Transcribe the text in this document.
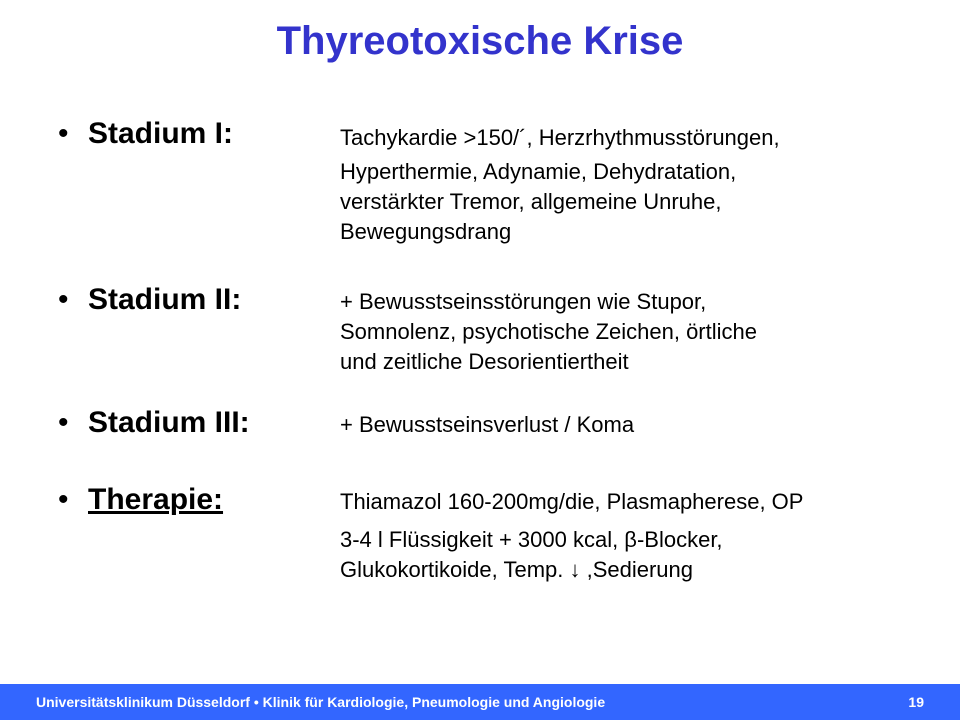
Thyreotoxische Krise
• Stadium I:	Tachykardie >150/´, Herzrhythmusstörungen,
Hyperthermie, Adynamie, Dehydratation,
verstärkter Tremor, allgemeine Unruhe,
Bewegungsdrang
• Stadium II:	+ Bewusstseinsstörungen wie Stupor,
Somnolenz, psychotische Zeichen, örtliche
und zeitliche Desorientiertheit
• Stadium III:	+ Bewusstseinsverlust / Koma
• Therapie:	Thiamazol 160-200mg/die, Plasmapherese, OP
3-4 l Flüssigkeit + 3000 kcal, β-Blocker,
Glukokortikoide, Temp. ↓ ,Sedierung
Universitätsklinikum Düsseldorf • Klinik für Kardiologie, Pneumologie und Angiologie	19
